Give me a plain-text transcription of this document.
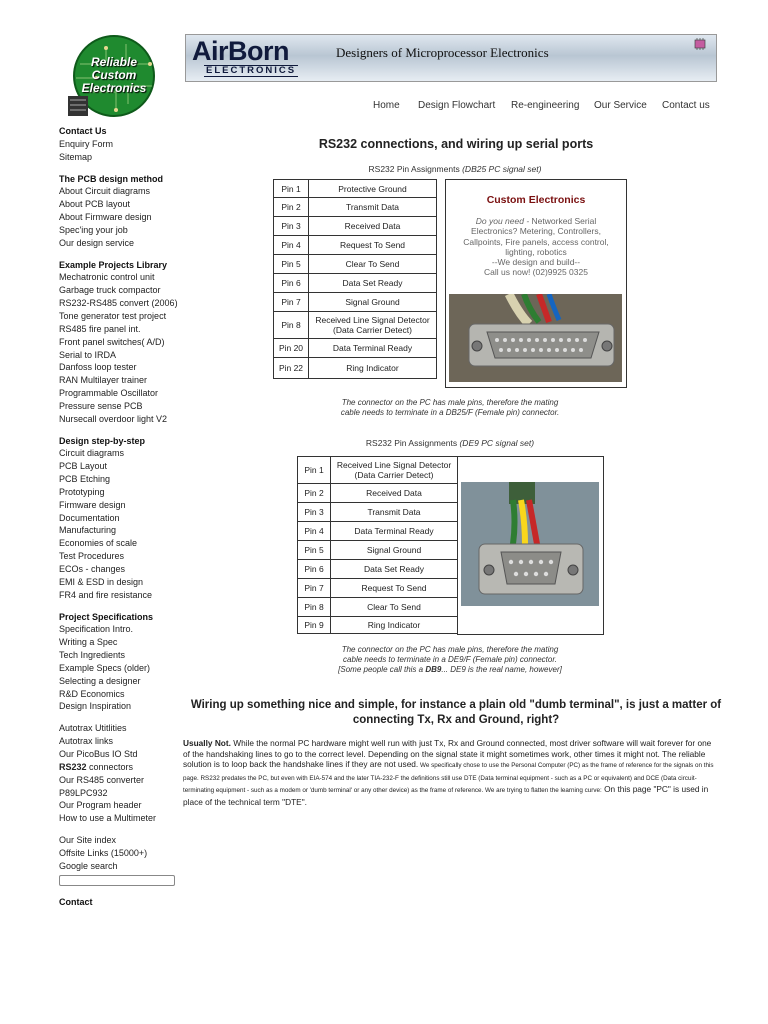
Reliable
Custom
Electronics
AirBorn
ELECTRONICS
Designers of Microprocessor Electronics
Home Design Flowchart Re-engineering Our Service Contact us
Contact Us
Enquiry Form
Sitemap
The PCB design method
About Circuit diagrams
About PCB layout
About Firmware design
Spec'ing your job
Our design service
Example Projects Library
Mechatronic control unit
Garbage truck compactor
RS232-RS485 convert (2006)
Tone generator test project
RS485 fire panel int.
Front panel switches( A/D)
Serial to IRDA
Danfoss loop tester
RAN Multilayer trainer
Programmable Oscillator
Pressure sense PCB
Nursecall overdoor light V2
Design step-by-step
Circuit diagrams
PCB Layout
PCB Etching
Prototyping
Firmware design
Documentation
Manufacturing
Economies of scale
Test Procedures
ECOs - changes
EMI & ESD in design
FR4 and fire resistance
Project Specifications
Specification Intro.
Writing a Spec
Tech Ingredients
Example Specs (older)
Selecting a designer
R&D Economics
Design Inspiration
Autotrax Utitlities
Autotrax links
Our PicoBus IO Std
RS232 connectors
Our RS485 converter
P89LPC932
Our Program header
How to use a Multimeter
Our Site index
Offsite Links (15000+)
Google search
Contact
RS232 connections, and wiring up serial ports
RS232 Pin Assignments (DB25 PC signal set)
Pin 1	Protective Ground
Pin 2	Transmit Data
Pin 3	Received Data
Pin 4	Request To Send
Pin 5	Clear To Send
Pin 6	Data Set Ready
Pin 7	Signal Ground
Pin 8	Received Line Signal Detector
(Data Carrier Detect)
Pin 20	Data Terminal Ready
Pin 22	Ring Indicator
Custom Electronics
Do you need - Networked Serial Electronics? Metering, Controllers, Callpoints, Fire panels, access control, lighting, robotics
--We design and build--
Call us now! (02)9925 0325
The connector on the PC has male pins, therefore the mating
cable needs to terminate in a DB25/F (Female pin) connector.
RS232 Pin Assignments (DE9 PC signal set)
Pin 1	Received Line Signal Detector
(Data Carrier Detect)
Pin 2	Received Data
Pin 3	Transmit Data
Pin 4	Data Terminal Ready
Pin 5	Signal Ground
Pin 6	Data Set Ready
Pin 7	Request To Send
Pin 8	Clear To Send
Pin 9	Ring Indicator
The connector on the PC has male pins, therefore the mating
cable needs to terminate in a DE9/F (Female pin) connector.
[Some people call this a DB9... DE9 is the real name, however]
Wiring up something nice and simple, for instance a plain old "dumb terminal", is just a matter of connecting Tx, Rx and Ground, right?
Usually Not. While the normal PC hardware might well run with just Tx, Rx and Ground connected, most driver software will wait forever for one of the handshaking lines to go to the correct level. Depending on the signal state it might sometimes work, other times it might not. The reliable solution is to loop back the handshake lines if they are not used. We specifically chose to use the Personal Computer (PC) as the frame of reference for the signals on this page. RS232 predates the PC, but even with EIA-574 and the later TIA-232-F the definitions still use DTE (Data terminal equipment - such as a PC or equivalent) and DCE (Data circuit-terminating equipment - such as a modem or 'dumb terminal' or any other device) as the frame of reference. We are trying to flatten the learning curve: On this page "PC" is used in place of the technical term "DTE".
